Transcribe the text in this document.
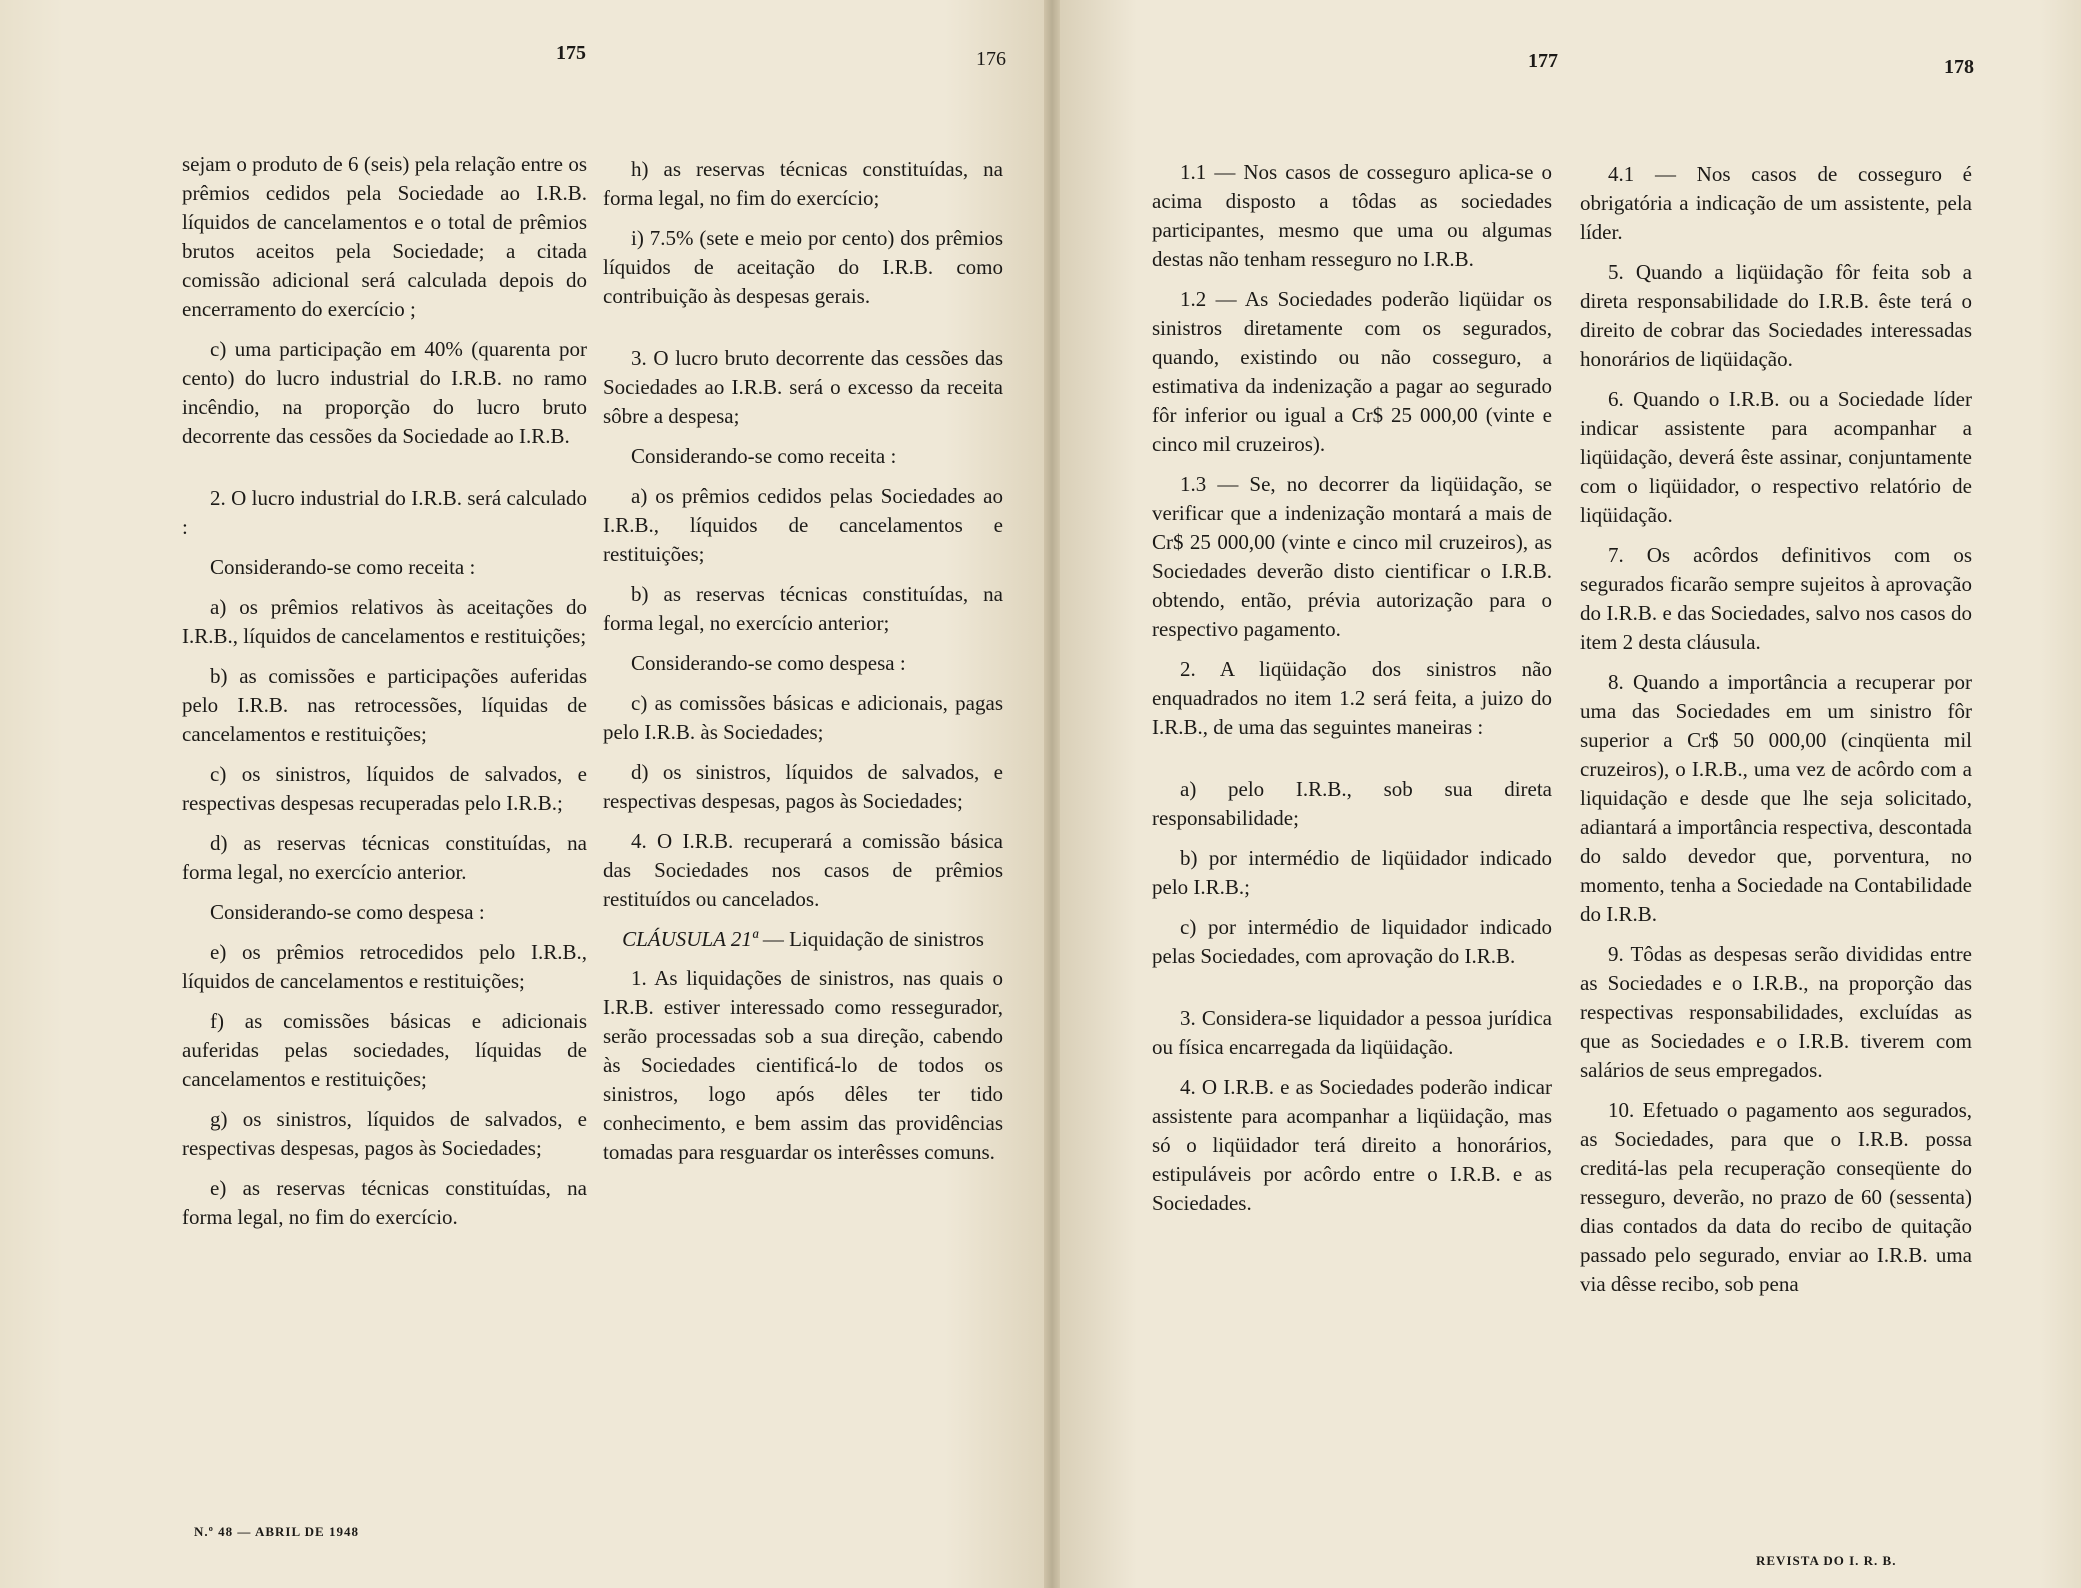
175	176	177	178

sejam o produto de 6 (seis) pela relação entre os prêmios cedidos pela Sociedade ao I.R.B. líquidos de cancelamentos e o total de prêmios brutos aceitos pela Sociedade; a citada comissão adicional será calculada depois do encerramento do exercício ;

c) uma participação em 40% (quarenta por cento) do lucro industrial do I.R.B. no ramo incêndio, na proporção do lucro bruto decorrente das cessões da Sociedade ao I.R.B.

2. O lucro industrial do I.R.B. será calculado :

Considerando-se como receita :

a) os prêmios relativos às aceitações do I.R.B., líquidos de cancelamentos e restituições;

b) as comissões e participações auferidas pelo I.R.B. nas retrocessões, líquidas de cancelamentos e restituições;

c) os sinistros, líquidos de salvados, e respectivas despesas recuperadas pelo I.R.B.;

d) as reservas técnicas constituídas, na forma legal, no exercício anterior.

Considerando-se como despesa :

e) os prêmios retrocedidos pelo I.R.B., líquidos de cancelamentos e restituições;

f) as comissões básicas e adicionais auferidas pelas sociedades, líquidas de cancelamentos e restituições;

g) os sinistros, líquidos de salvados, e respectivas despesas, pagos às Sociedades;

e) as reservas técnicas constituídas, na forma legal, no fim do exercício.

h) as reservas técnicas constituídas, na forma legal, no fim do exercício;

i) 7.5% (sete e meio por cento) dos prêmios líquidos de aceitação do I.R.B. como contribuição às despesas gerais.

3. O lucro bruto decorrente das cessões das Sociedades ao I.R.B. será o excesso da receita sôbre a despesa;

Considerando-se como receita :

a) os prêmios cedidos pelas Sociedades ao I.R.B., líquidos de cancelamentos e restituições;

b) as reservas técnicas constituídas, na forma legal, no exercício anterior;

Considerando-se como despesa :

c) as comissões básicas e adicionais, pagas pelo I.R.B. às Sociedades;

d) os sinistros, líquidos de salvados, e respectivas despesas, pagos às Sociedades;

4. O I.R.B. recuperará a comissão básica das Sociedades nos casos de prêmios restituídos ou cancelados.

CLÁUSULA 21ª — Liquidação de sinistros

1. As liquidações de sinistros, nas quais o I.R.B. estiver interessado como ressegurador, serão processadas sob a sua direção, cabendo às Sociedades cientificá-lo de todos os sinistros, logo após dêles ter tido conhecimento, e bem assim das providências tomadas para resguardar os interêsses comuns.

1.1 — Nos casos de cosseguro aplica-se o acima disposto a tôdas as sociedades participantes, mesmo que uma ou algumas destas não tenham resseguro no I.R.B.

1.2 — As Sociedades poderão liqüidar os sinistros diretamente com os segurados, quando, existindo ou não cosseguro, a estimativa da indenização a pagar ao segurado fôr inferior ou igual a Cr$ 25 000,00 (vinte e cinco mil cruzeiros).

1.3 — Se, no decorrer da liqüidação, se verificar que a indenização montará a mais de Cr$ 25 000,00 (vinte e cinco mil cruzeiros), as Sociedades deverão disto cientificar o I.R.B. obtendo, então, prévia autorização para o respectivo pagamento.

2. A liqüidação dos sinistros não enquadrados no item 1.2 será feita, a juizo do I.R.B., de uma das seguintes maneiras :

a) pelo I.R.B., sob sua direta responsabilidade;

b) por intermédio de liqüidador indicado pelo I.R.B.;

c) por intermédio de liquidador indicado pelas Sociedades, com aprovação do I.R.B.

3. Considera-se liquidador a pessoa jurídica ou física encarregada da liqüidação.

4. O I.R.B. e as Sociedades poderão indicar assistente para acompanhar a liqüidação, mas só o liqüidador terá direito a honorários, estipuláveis por acôrdo entre o I.R.B. e as Sociedades.

4.1 — Nos casos de cosseguro é obrigatória a indicação de um assistente, pela líder.

5. Quando a liqüidação fôr feita sob a direta responsabilidade do I.R.B. êste terá o direito de cobrar das Sociedades interessadas honorários de liqüidação.

6. Quando o I.R.B. ou a Sociedade líder indicar assistente para acompanhar a liqüidação, deverá êste assinar, conjuntamente com o liqüidador, o respectivo relatório de liqüidação.

7. Os acôrdos definitivos com os segurados ficarão sempre sujeitos à aprovação do I.R.B. e das Sociedades, salvo nos casos do item 2 desta cláusula.

8. Quando a importância a recuperar por uma das Sociedades em um sinistro fôr superior a Cr$ 50 000,00 (cinqüenta mil cruzeiros), o I.R.B., uma vez de acôrdo com a liquidação e desde que lhe seja solicitado, adiantará a importância respectiva, descontada do saldo devedor que, porventura, no momento, tenha a Sociedade na Contabilidade do I.R.B.

9. Tôdas as despesas serão divididas entre as Sociedades e o I.R.B., na proporção das respectivas responsabilidades, excluídas as que as Sociedades e o I.R.B. tiverem com salários de seus empregados.

10. Efetuado o pagamento aos segurados, as Sociedades, para que o I.R.B. possa creditá-las pela recuperação conseqüente do resseguro, deverão, no prazo de 60 (sessenta) dias contados da data do recibo de quitação passado pelo segurado, enviar ao I.R.B. uma via dêsse recibo, sob pena

N.º 48 — ABRIL DE 1948
REVISTA DO I. R. B.
